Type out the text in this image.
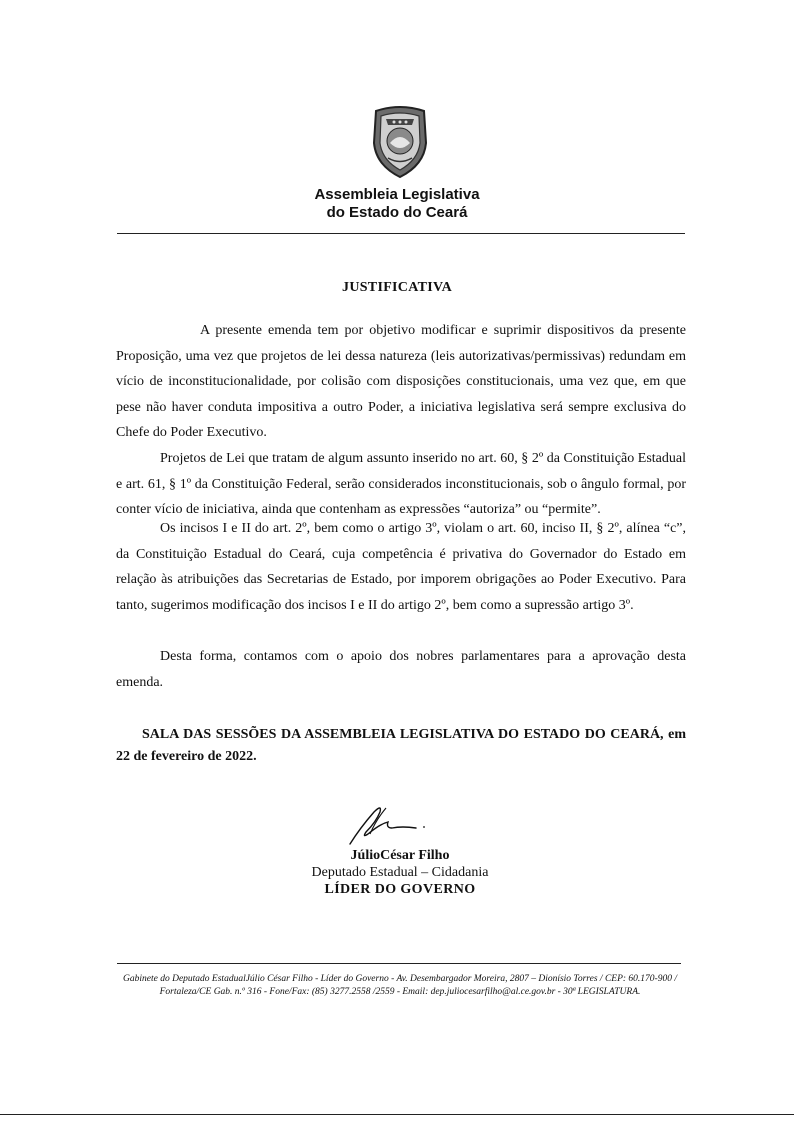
Assembleia Legislativa
do Estado do Ceará
JUSTIFICATIVA

A presente emenda tem por objetivo modificar e suprimir dispositivos da presente Proposição, uma vez que projetos de lei dessa natureza (leis autorizativas/permissivas) redundam em vício de inconstitucionalidade, por colisão com disposições constitucionais, uma vez que, em que pese não haver conduta impositiva a outro Poder, a iniciativa legislativa será sempre exclusiva do Chefe do Poder Executivo.

Projetos de Lei que tratam de algum assunto inserido no art. 60, § 2º da Constituição Estadual e art. 61, § 1º da Constituição Federal, serão considerados inconstitucionais, sob o ângulo formal, por conter vício de iniciativa, ainda que contenham as expressões “autoriza” ou “permite”.

Os incisos I e II do art. 2º, bem como o artigo 3º, violam o art. 60, inciso II, § 2º, alínea “c”, da Constituição Estadual do Ceará, cuja competência é privativa do Governador do Estado em relação às atribuições das Secretarias de Estado, por imporem obrigações ao Poder Executivo. Para tanto, sugerimos modificação dos incisos I e II do artigo 2º, bem como a supressão artigo 3º.

Desta forma, contamos com o apoio dos nobres parlamentares para a aprovação desta emenda.

SALA DAS SESSÕES DA ASSEMBLEIA LEGISLATIVA DO ESTADO DO CEARÁ, em 22 de fevereiro de 2022.
JúlioCésar Filho
Deputado Estadual – Cidadania
LÍDER DO GOVERNO
Gabinete do Deputado EstadualJúlio César Filho - Líder do Governo - Av. Desembargador Moreira, 2807 – Dionísio Torres / CEP: 60.170-900 /
Fortaleza/CE Gab. n.º 316 - Fone/Fax: (85) 3277.2558 /2559 - Email: dep.juliocesarfilho@al.ce.gov.br - 30ª LEGISLATURA.
